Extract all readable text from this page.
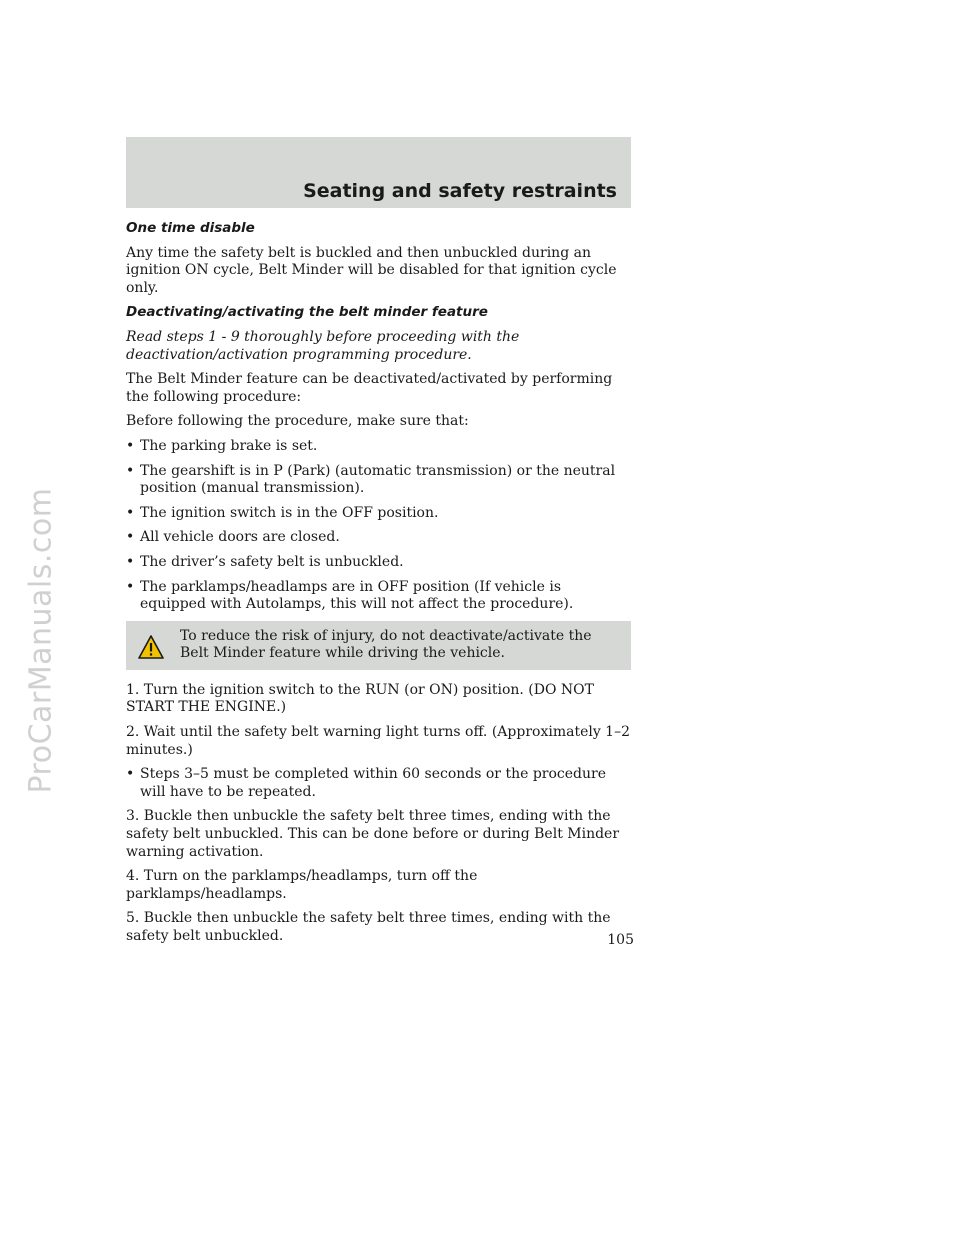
ProCarManuals.com
Seating and safety restraints
One time disable

Any time the safety belt is buckled and then unbuckled during an ignition ON cycle, Belt Minder will be disabled for that ignition cycle only.

Deactivating/activating the belt minder feature

Read steps 1 - 9 thoroughly before proceeding with the deactivation/activation programming procedure.

The Belt Minder feature can be deactivated/activated by performing the following procedure:

Before following the procedure, make sure that:

• The parking brake is set.
• The gearshift is in P (Park) (automatic transmission) or the neutral position (manual transmission).
• The ignition switch is in the OFF position.
• All vehicle doors are closed.
• The driver’s safety belt is unbuckled.
• The parklamps/headlamps are in OFF position (If vehicle is equipped with Autolamps, this will not affect the procedure).
To reduce the risk of injury, do not deactivate/activate the Belt Minder feature while driving the vehicle.

1. Turn the ignition switch to the RUN (or ON) position. (DO NOT START THE ENGINE.)

2. Wait until the safety belt warning light turns off. (Approximately 1–2 minutes.)

• Steps 3–5 must be completed within 60 seconds or the procedure will have to be repeated.

3. Buckle then unbuckle the safety belt three times, ending with the safety belt unbuckled. This can be done before or during Belt Minder warning activation.

4. Turn on the parklamps/headlamps, turn off the parklamps/headlamps.

5. Buckle then unbuckle the safety belt three times, ending with the safety belt unbuckled.	105
